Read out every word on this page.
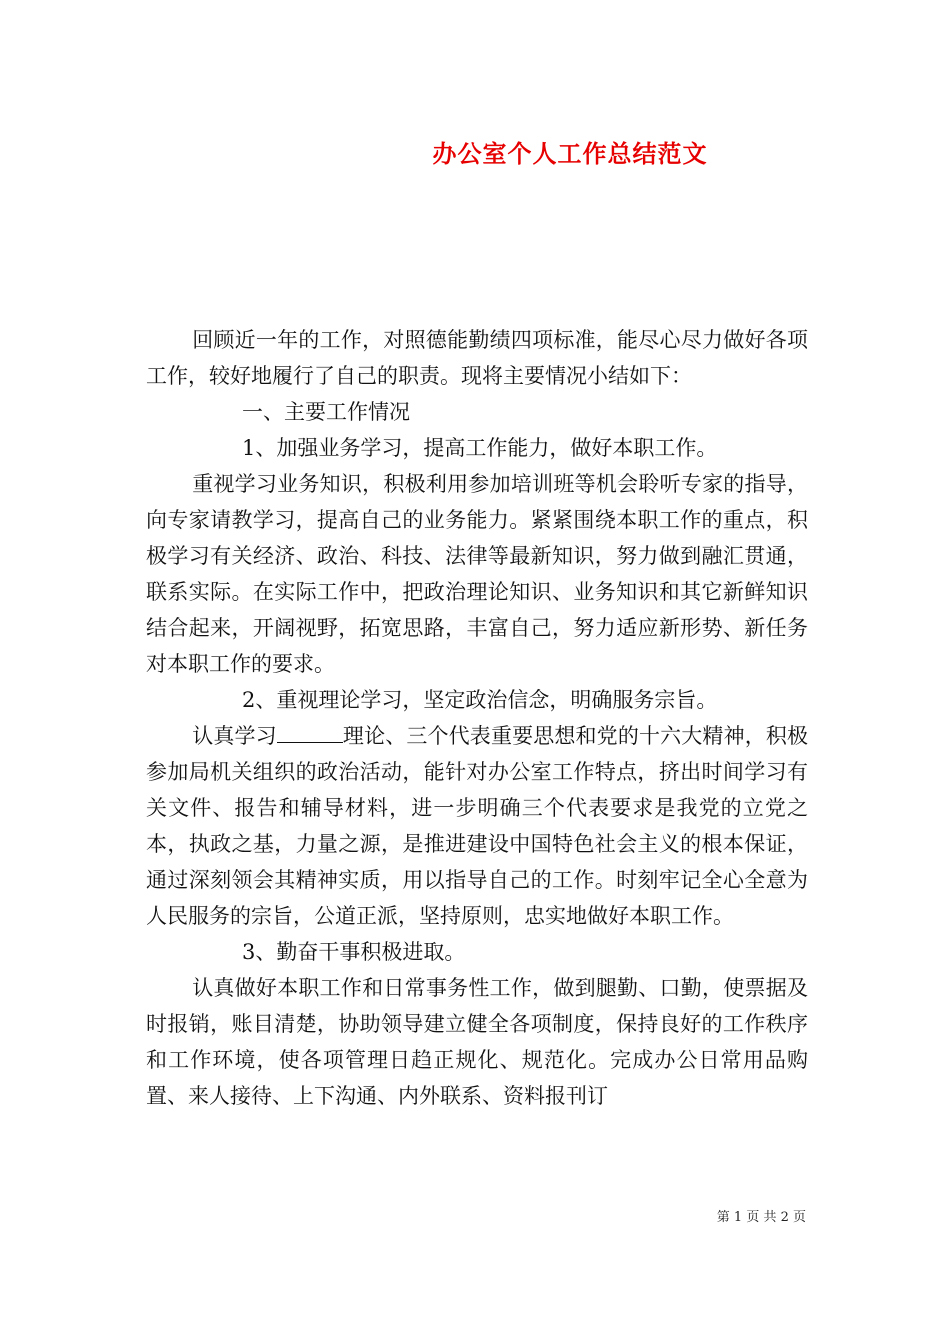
办公室个人工作总结范文

回顾近一年的工作，对照德能勤绩四项标准，能尽心尽力做好各项工作，较好地履行了自己的职责。现将主要情况小结如下：

一、主要工作情况

1、加强业务学习，提高工作能力，做好本职工作。

重视学习业务知识，积极利用参加培训班等机会聆听专家的指导，向专家请教学习，提高自己的业务能力。紧紧围绕本职工作的重点，积极学习有关经济、政治、科技、法律等最新知识，努力做到融汇贯通，联系实际。在实际工作中，把政治理论知识、业务知识和其它新鲜知识结合起来，开阔视野，拓宽思路，丰富自己，努力适应新形势、新任务对本职工作的要求。

2、重视理论学习，坚定政治信念，明确服务宗旨。

认真学习	理论、三个代表重要思想和党的十六大精神，积极参加局机关组织的政治活动，能针对办公室工作特点，挤出时间学习有关文件、报告和辅导材料，进一步明确三个代表要求是我党的立党之本，执政之基，力量之源，是推进建设中国特色社会主义的根本保证，通过深刻领会其精神实质，用以指导自己的工作。时刻牢记全心全意为人民服务的宗旨，公道正派，坚持原则，忠实地做好本职工作。

3、勤奋干事积极进取。

认真做好本职工作和日常事务性工作，做到腿勤、口勤，使票据及时报销，账目清楚，协助领导建立健全各项制度，保持良好的工作秩序和工作环境，使各项管理日趋正规化、规范化。完成办公日常用品购置、来人接待、上下沟通、内外联系、资料报刊订

第 1 页 共 2 页
